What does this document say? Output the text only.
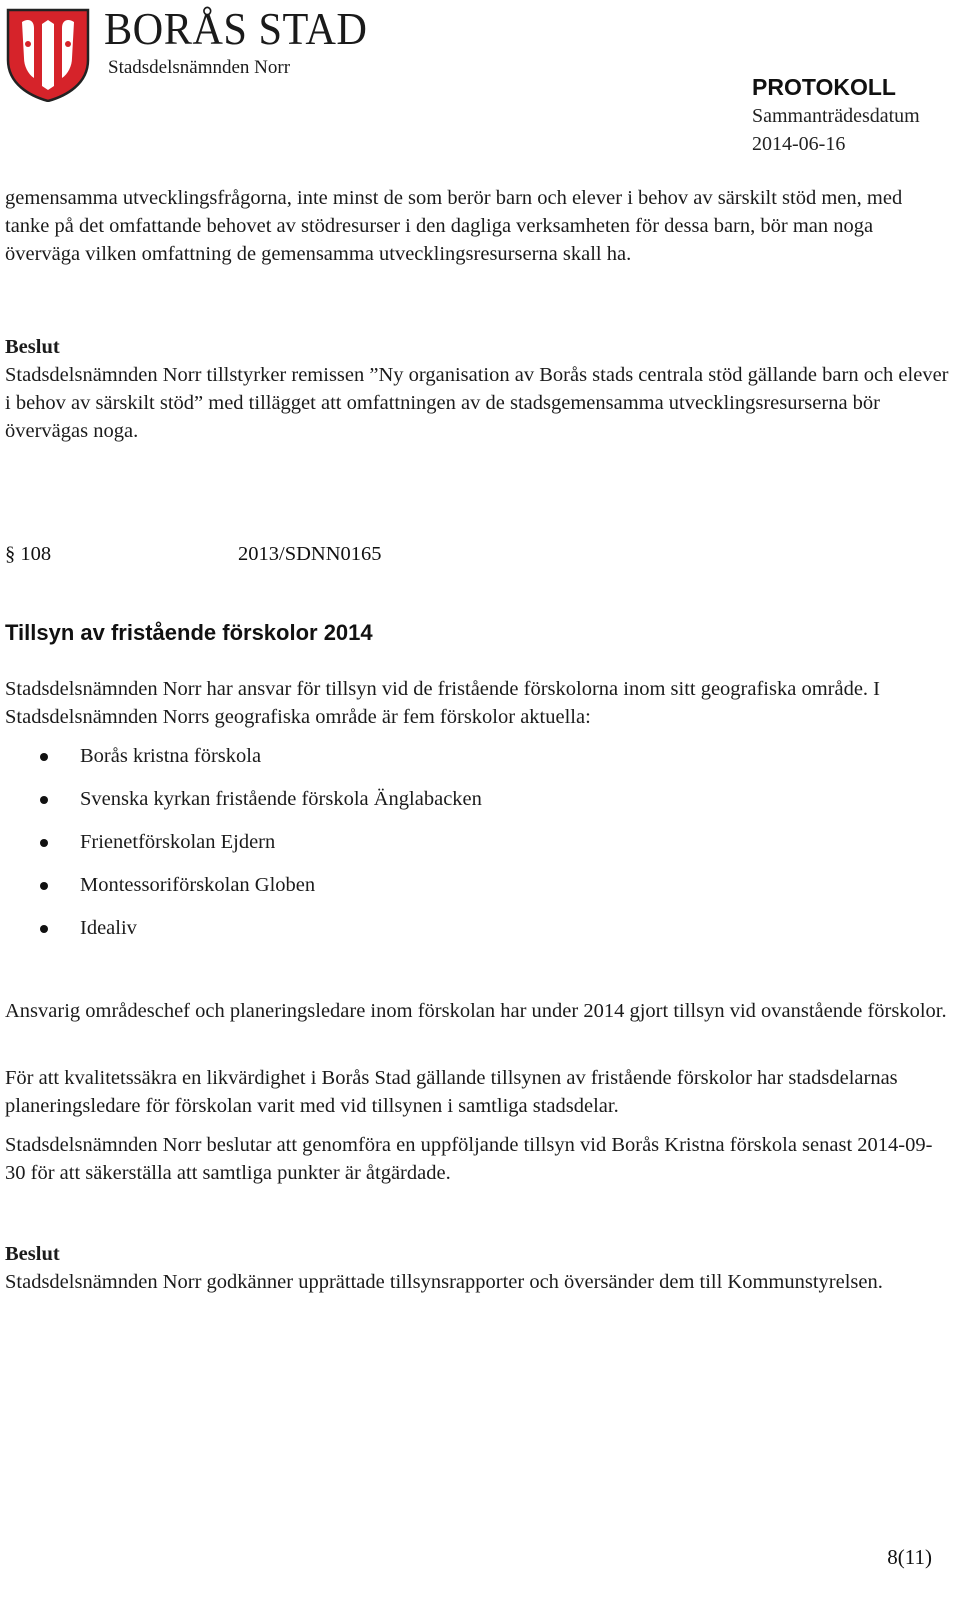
BORÅS STAD
Stadsdelsnämnden Norr
PROTOKOLL
Sammanträdesdatum
2014-06-16

gemensamma utvecklingsfrågorna, inte minst de som berör barn och elever i behov av särskilt stöd men, med tanke på det omfattande behovet av stödresurser i den dagliga verksamheten för dessa barn, bör man noga överväga vilken omfattning de gemensamma utvecklingsresurserna skall ha.

Beslut

Stadsdelsnämnden Norr tillstyrker remissen ”Ny organisation av Borås stads centrala stöd gällande barn och elever i behov av särskilt stöd” med tillägget att omfattningen av de stadsgemensamma utvecklingsresurserna bör övervägas noga.

§ 108	2013/SDNN0165
Tillsyn av fristående förskolor 2014

Stadsdelsnämnden Norr har ansvar för tillsyn vid de fristående förskolorna inom sitt geografiska område. I Stadsdelsnämnden Norrs geografiska område är fem förskolor aktuella:

Borås kristna förskola
Svenska kyrkan fristående förskola Änglabacken
Frienetförskolan Ejdern
Montessoriförskolan Globen
Idealiv

Ansvarig områdeschef och planeringsledare inom förskolan har under 2014 gjort tillsyn vid ovanstående förskolor.

För att kvalitetssäkra en likvärdighet i Borås Stad gällande tillsynen av fristående förskolor har stadsdelarnas planeringsledare för förskolan varit med vid tillsynen i samtliga stadsdelar.

Stadsdelsnämnden Norr beslutar att genomföra en uppföljande tillsyn vid Borås Kristna förskola senast 2014-09-30 för att säkerställa att samtliga punkter är åtgärdade.

Beslut

Stadsdelsnämnden Norr godkänner upprättade tillsynsrapporter och översänder dem till Kommunstyrelsen.

8(11)
